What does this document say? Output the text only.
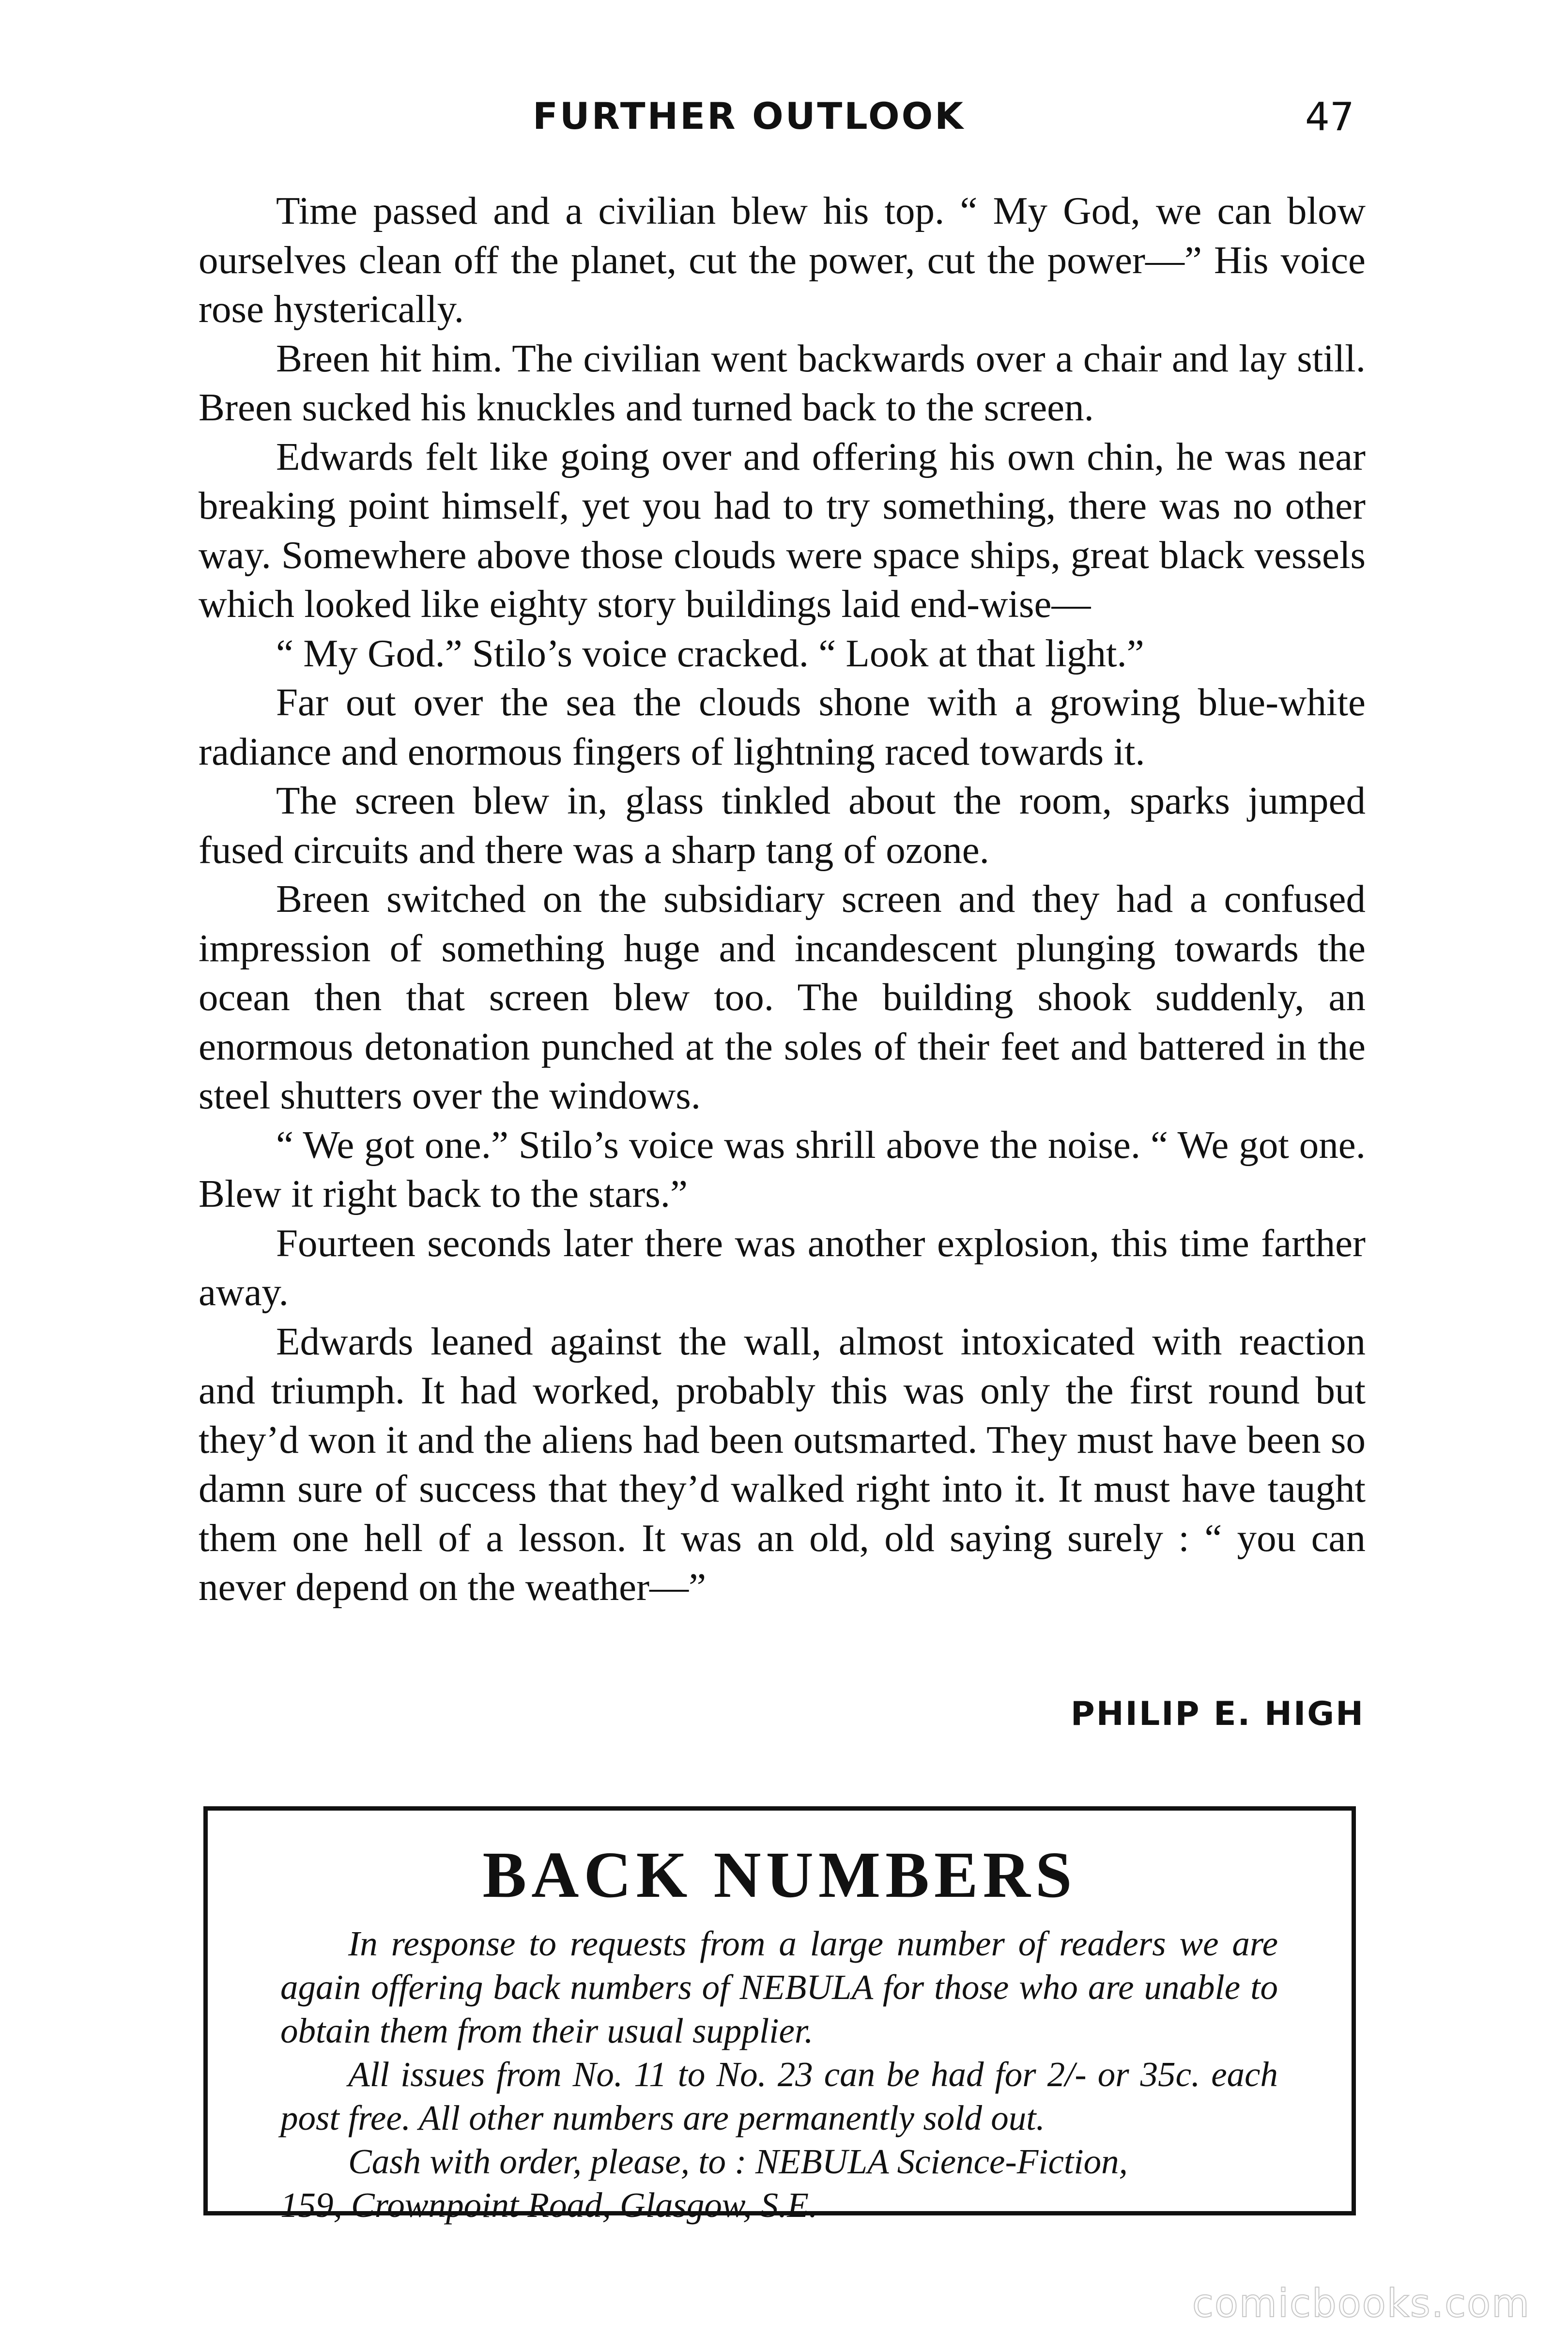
FURTHER OUTLOOK	47

Time passed and a civilian blew his top. “ My God, we can blow ourselves clean off the planet, cut the power, cut the power—” His voice rose hysterically.

Breen hit him. The civilian went backwards over a chair and lay still. Breen sucked his knuckles and turned back to the screen.

Edwards felt like going over and offering his own chin, he was near breaking point himself, yet you had to try something, there was no other way. Somewhere above those clouds were space ships, great black vessels which looked like eighty story buildings laid end-wise—

“ My God.” Stilo’s voice cracked. “ Look at that light.”

Far out over the sea the clouds shone with a growing blue-white radiance and enormous fingers of lightning raced towards it.

The screen blew in, glass tinkled about the room, sparks jumped fused circuits and there was a sharp tang of ozone.

Breen switched on the subsidiary screen and they had a confused impression of something huge and incandescent plunging towards the ocean then that screen blew too. The building shook suddenly, an enormous detonation punched at the soles of their feet and battered in the steel shutters over the windows.

“ We got one.” Stilo’s voice was shrill above the noise. “ We got one. Blew it right back to the stars.”

Fourteen seconds later there was another explosion, this time farther away.

Edwards leaned against the wall, almost intoxicated with reaction and triumph. It had worked, probably this was only the first round but they’d won it and the aliens had been outsmarted. They must have been so damn sure of success that they’d walked right into it. It must have taught them one hell of a lesson. It was an old, old saying surely : “ you can never depend on the weather—”

PHILIP E. HIGH
BACK NUMBERS

In response to requests from a large number of readers we are again offering back numbers of NEBULA for those who are unable to obtain them from their usual supplier.

All issues from No. 11 to No. 23 can be had for 2/- or 35c. each post free. All other numbers are permanently sold out.

Cash with order, please, to : NEBULA Science-Fiction,

159, Crownpoint Road, Glasgow, S.E.

comicbooks.com
